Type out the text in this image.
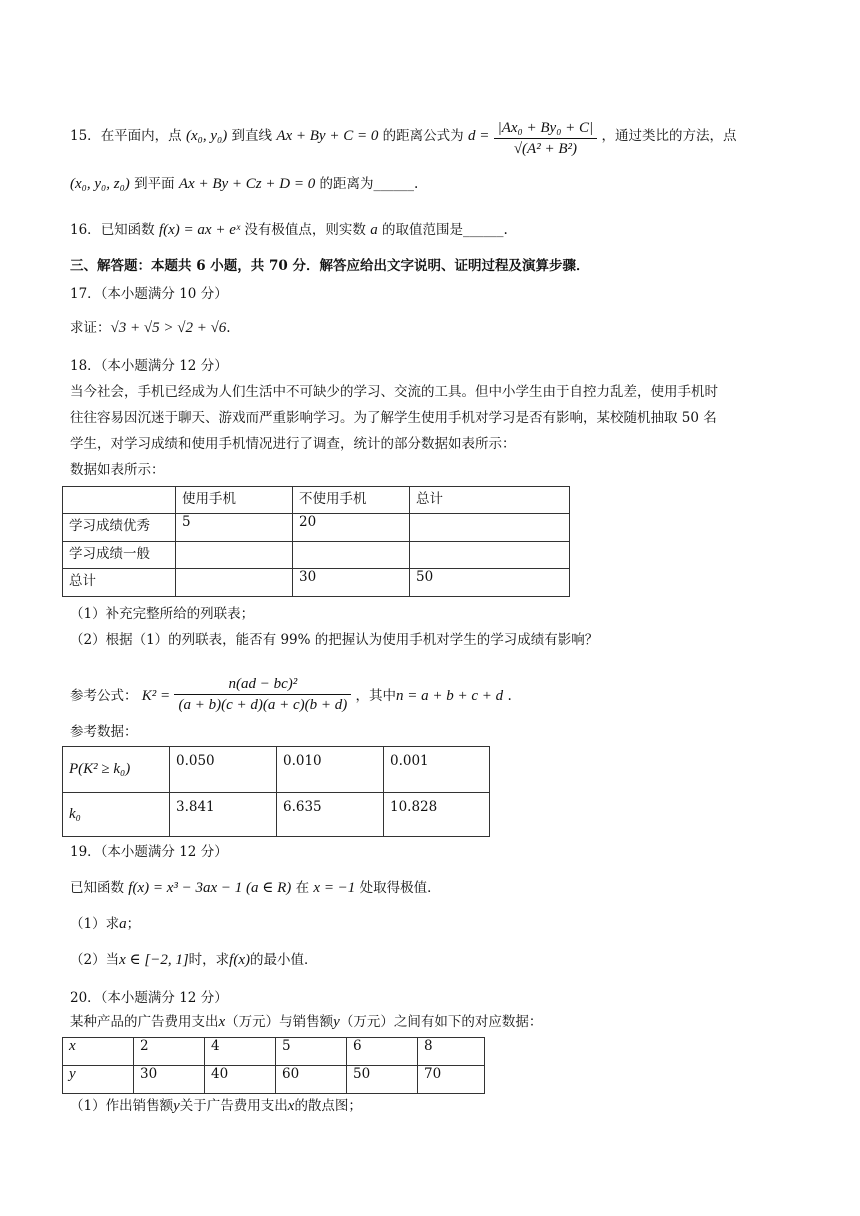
15．在平面内，点 (x₀, y₀) 到直线 Ax + By + C = 0 的距离公式为 $d = \frac{\text{|Ax₀ + By₀ + C|}}{\text{√(A² + B²)}}$ ，通过类比的方法，点
(x₀, y₀, z₀) 到平面 Ax + By + Cz + D = 0 的距离为______.
16．已知函数 f(x) = ax + eˣ 没有极值点，则实数 a 的取值范围是______.
三、解答题：本题共 6 小题，共 70 分．解答应给出文字说明、证明过程及演算步骤．
17．（本小题满分 10 分）
求证：√3 + √5 > √2 + √6.
18．（本小题满分 12 分）
当今社会，手机已经成为人们生活中不可缺少的学习、交流的工具。但中小学生由于自控力乱差，使用手机时
往往容易因沉迷于聊天、游戏而严重影响学习。为了解学生使用手机对学习是否有影响，某校随机抽取 50 名
学生，对学习成绩和使用手机情况进行了调查，统计的部分数据如表所示：
数据如表所示：
	使用手机	不使用手机	总计
学习成绩优秀	5	20	
学习成绩一般			
总计		30	50
（1）补充完整所给的列联表；
（2）根据（1）的列联表，能否有 99% 的把握认为使用手机对学生的学习成绩有影响？
参考公式： $K^2 = \frac{\text{n(ad − bc)²}}{(a + b)(c + d)(a + c)(b + d)}$ ，其中n = a + b + c + d .
参考数据：
P(K² ≥ k₀)	0.050	0.010	0.001
k₀	3.841	6.635	10.828
19．（本小题满分 12 分）
已知函数 f(x) = x³ − 3ax − 1 (a ∈ R) 在 x = −1 处取得极值．
（1）求a；
（2）当x ∈ [−2, 1]时，求f(x)的最小值．
20．（本小题满分 12 分）
某种产品的广告费用支出x（万元）与销售额y（万元）之间有如下的对应数据：
x	2	4	5	6	8
y	30	40	60	50	70
（1）作出销售额y关于广告费用支出x的散点图；
